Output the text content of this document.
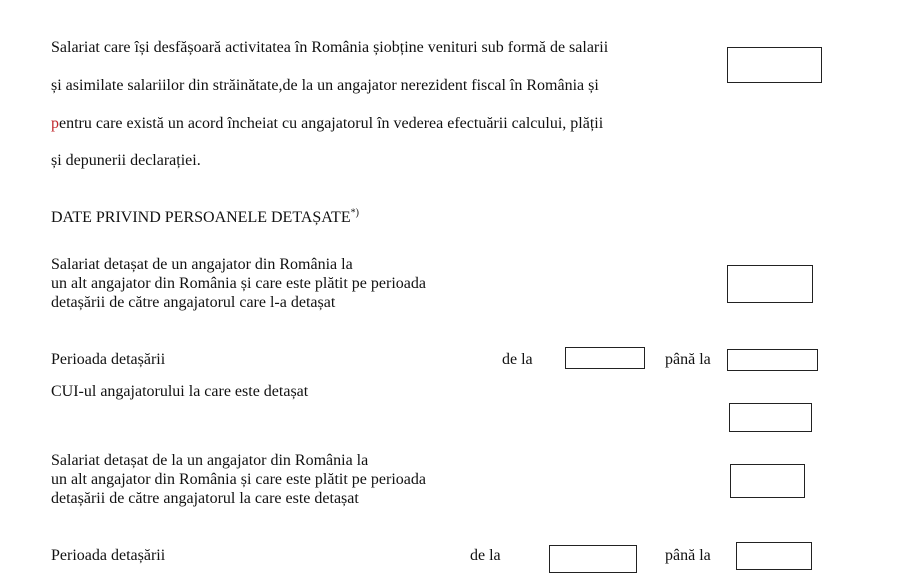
Salariat care își desfășoară activitatea în România șiobține venituri sub formă de salarii
și asimilate salariilor din străinătate,de la un angajator nerezident fiscal în România și
pentru care există un acord încheiat cu angajatorul în vederea efectuării calcului, plății
și depunerii declarației.
DATE PRIVIND PERSOANELE DETAȘATE*)
Salariat detașat de un angajator din România la
un alt angajator din România și care este plătit pe perioada
detașării de către angajatorul care l-a detașat
Perioada detașării	de la	până la
CUI-ul angajatorului la care este detașat
Salariat detașat de la un angajator din România la
un alt angajator din România și care este plătit pe perioada
detașării de către angajatorul la care este detașat
Perioada detașării	de la	până la
